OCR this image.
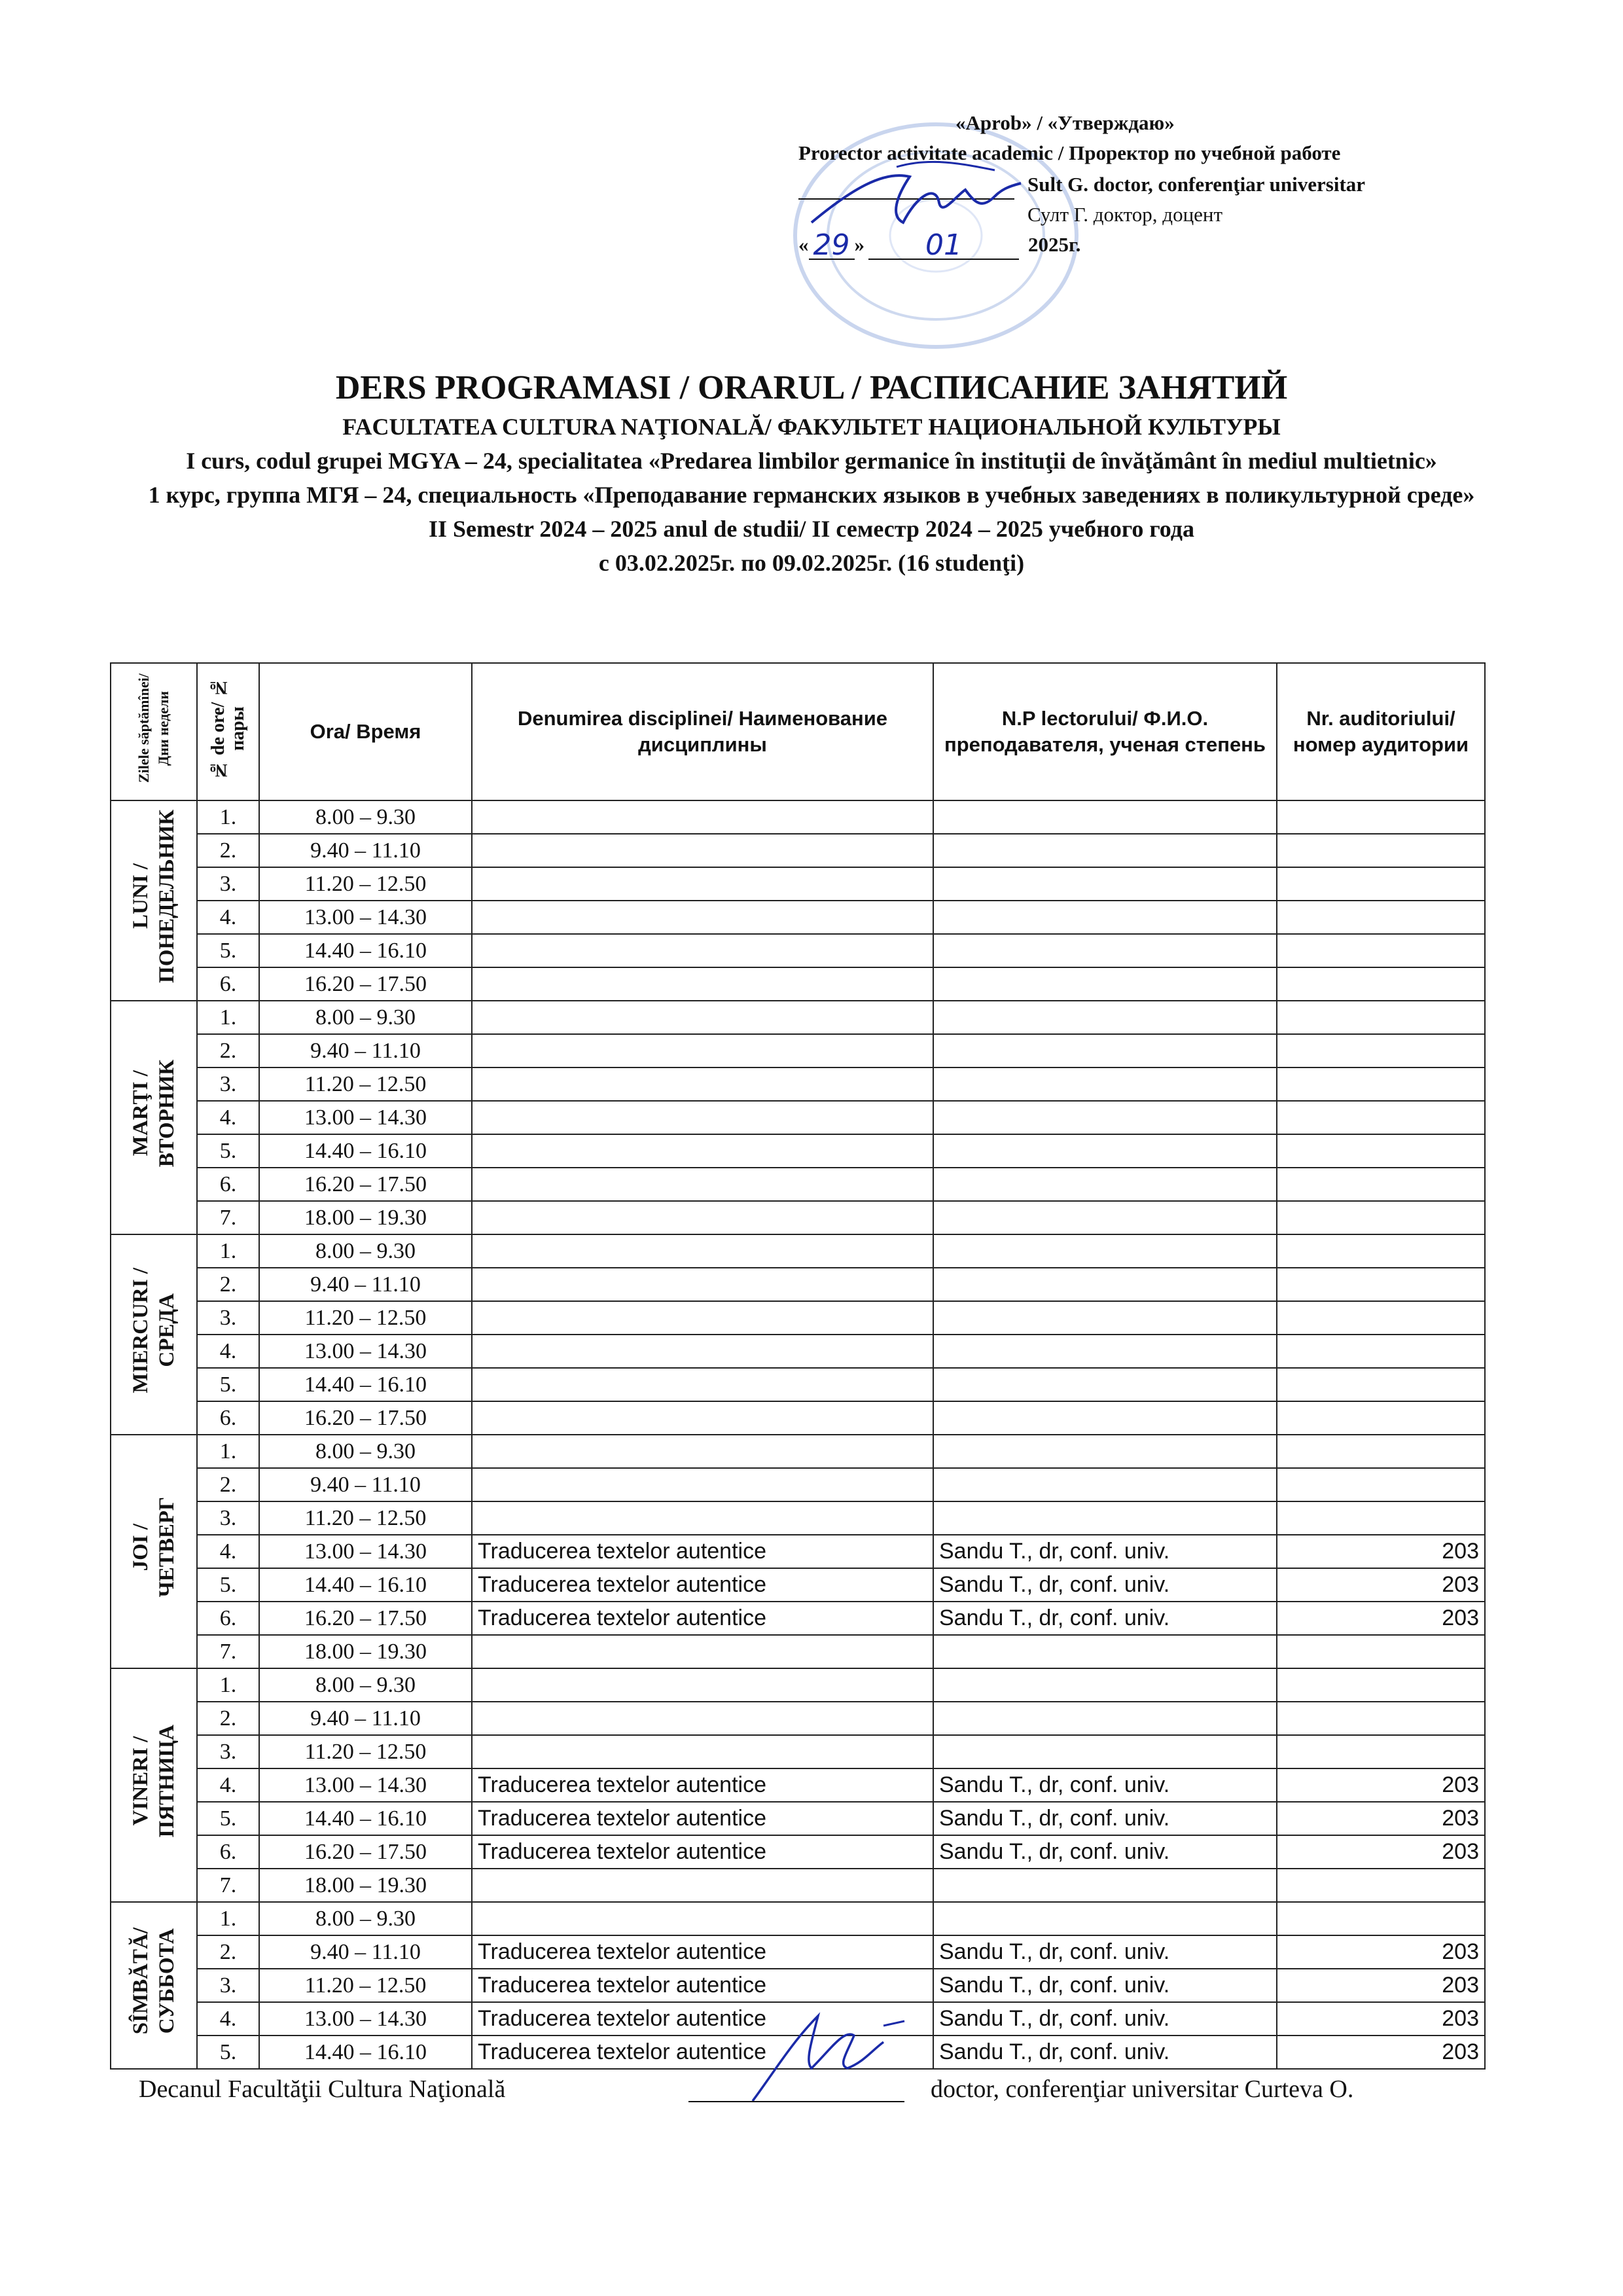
«Aprob» / «Утверждаю»
Prorector activitate academic / Проректор по учебной работе

Sult G. doctor, conferenţiar universitar
Султ Г. доктор, доцент
« 29 »	01	2025г.
DERS PROGRAMASI / ORARUL / РАСПИСАНИЕ ЗАНЯТИЙ
FACULTATEA CULTURA NAŢIONALĂ/ ФАКУЛЬТЕТ НАЦИОНАЛЬНОЙ КУЛЬТУРЫ
I curs, codul grupei MGYA – 24, specialitatea «Predarea limbilor germanice în instituţii de învăţământ în mediul multietnic»
1 курс, группа МГЯ – 24, специальность «Преподавание германских языков в учебных заведениях в поликультурной среде»
II Semestr 2024 – 2025 anul de studii/ II семестр 2024 – 2025 учебного года
с 03.02.2025г. по 09.02.2025г. (16 studenţi)
Zilele săptămînei/ Дни недели	№ de ore/ № пары	Ora/ Время	Denumirea disciplinei/ Наименование дисциплины	N.P lectorului/ Ф.И.О. преподавателя, ученая степень	Nr. auditoriului/ номер аудитории

LUNI / ПОНЕДЕЛЬНИК	1.	8.00 – 9.30			
	2.	9.40 – 11.10			
	3.	11.20 – 12.50			
	4.	13.00 – 14.30			
	5.	14.40 – 16.10			
	6.	16.20 – 17.50			

MARŢI / ВТОРНИК	1.	8.00 – 9.30			
	2.	9.40 – 11.10			
	3.	11.20 – 12.50			
	4.	13.00 – 14.30			
	5.	14.40 – 16.10			
	6.	16.20 – 17.50			
	7.	18.00 – 19.30			

MIERCURI / СРЕДА	1.	8.00 – 9.30			
	2.	9.40 – 11.10			
	3.	11.20 – 12.50			
	4.	13.00 – 14.30			
	5.	14.40 – 16.10			
	6.	16.20 – 17.50			

JOI / ЧЕТВЕРГ	1.	8.00 – 9.30			
	2.	9.40 – 11.10			
	3.	11.20 – 12.50			
	4.	13.00 – 14.30	Traducerea textelor autentice	Sandu T., dr, conf. univ.	203
	5.	14.40 – 16.10	Traducerea textelor autentice	Sandu T., dr, conf. univ.	203
	6.	16.20 – 17.50	Traducerea textelor autentice	Sandu T., dr, conf. univ.	203
	7.	18.00 – 19.30			

VINERI / ПЯТНИЦА	1.	8.00 – 9.30			
	2.	9.40 – 11.10			
	3.	11.20 – 12.50			
	4.	13.00 – 14.30	Traducerea textelor autentice	Sandu T., dr, conf. univ.	203
	5.	14.40 – 16.10	Traducerea textelor autentice	Sandu T., dr, conf. univ.	203
	6.	16.20 – 17.50	Traducerea textelor autentice	Sandu T., dr, conf. univ.	203
	7.	18.00 – 19.30			

SÎMBĂTĂ/ СУББОТА	1.	8.00 – 9.30			
	2.	9.40 – 11.10	Traducerea textelor autentice	Sandu T., dr, conf. univ.	203
	3.	11.20 – 12.50	Traducerea textelor autentice	Sandu T., dr, conf. univ.	203
	4.	13.00 – 14.30	Traducerea textelor autentice	Sandu T., dr, conf. univ.	203
	5.	14.40 – 16.10	Traducerea textelor autentice	Sandu T., dr, conf. univ.	203
Decanul Facultăţii Cultura Naţională	doctor, conferenţiar universitar Curteva O.
